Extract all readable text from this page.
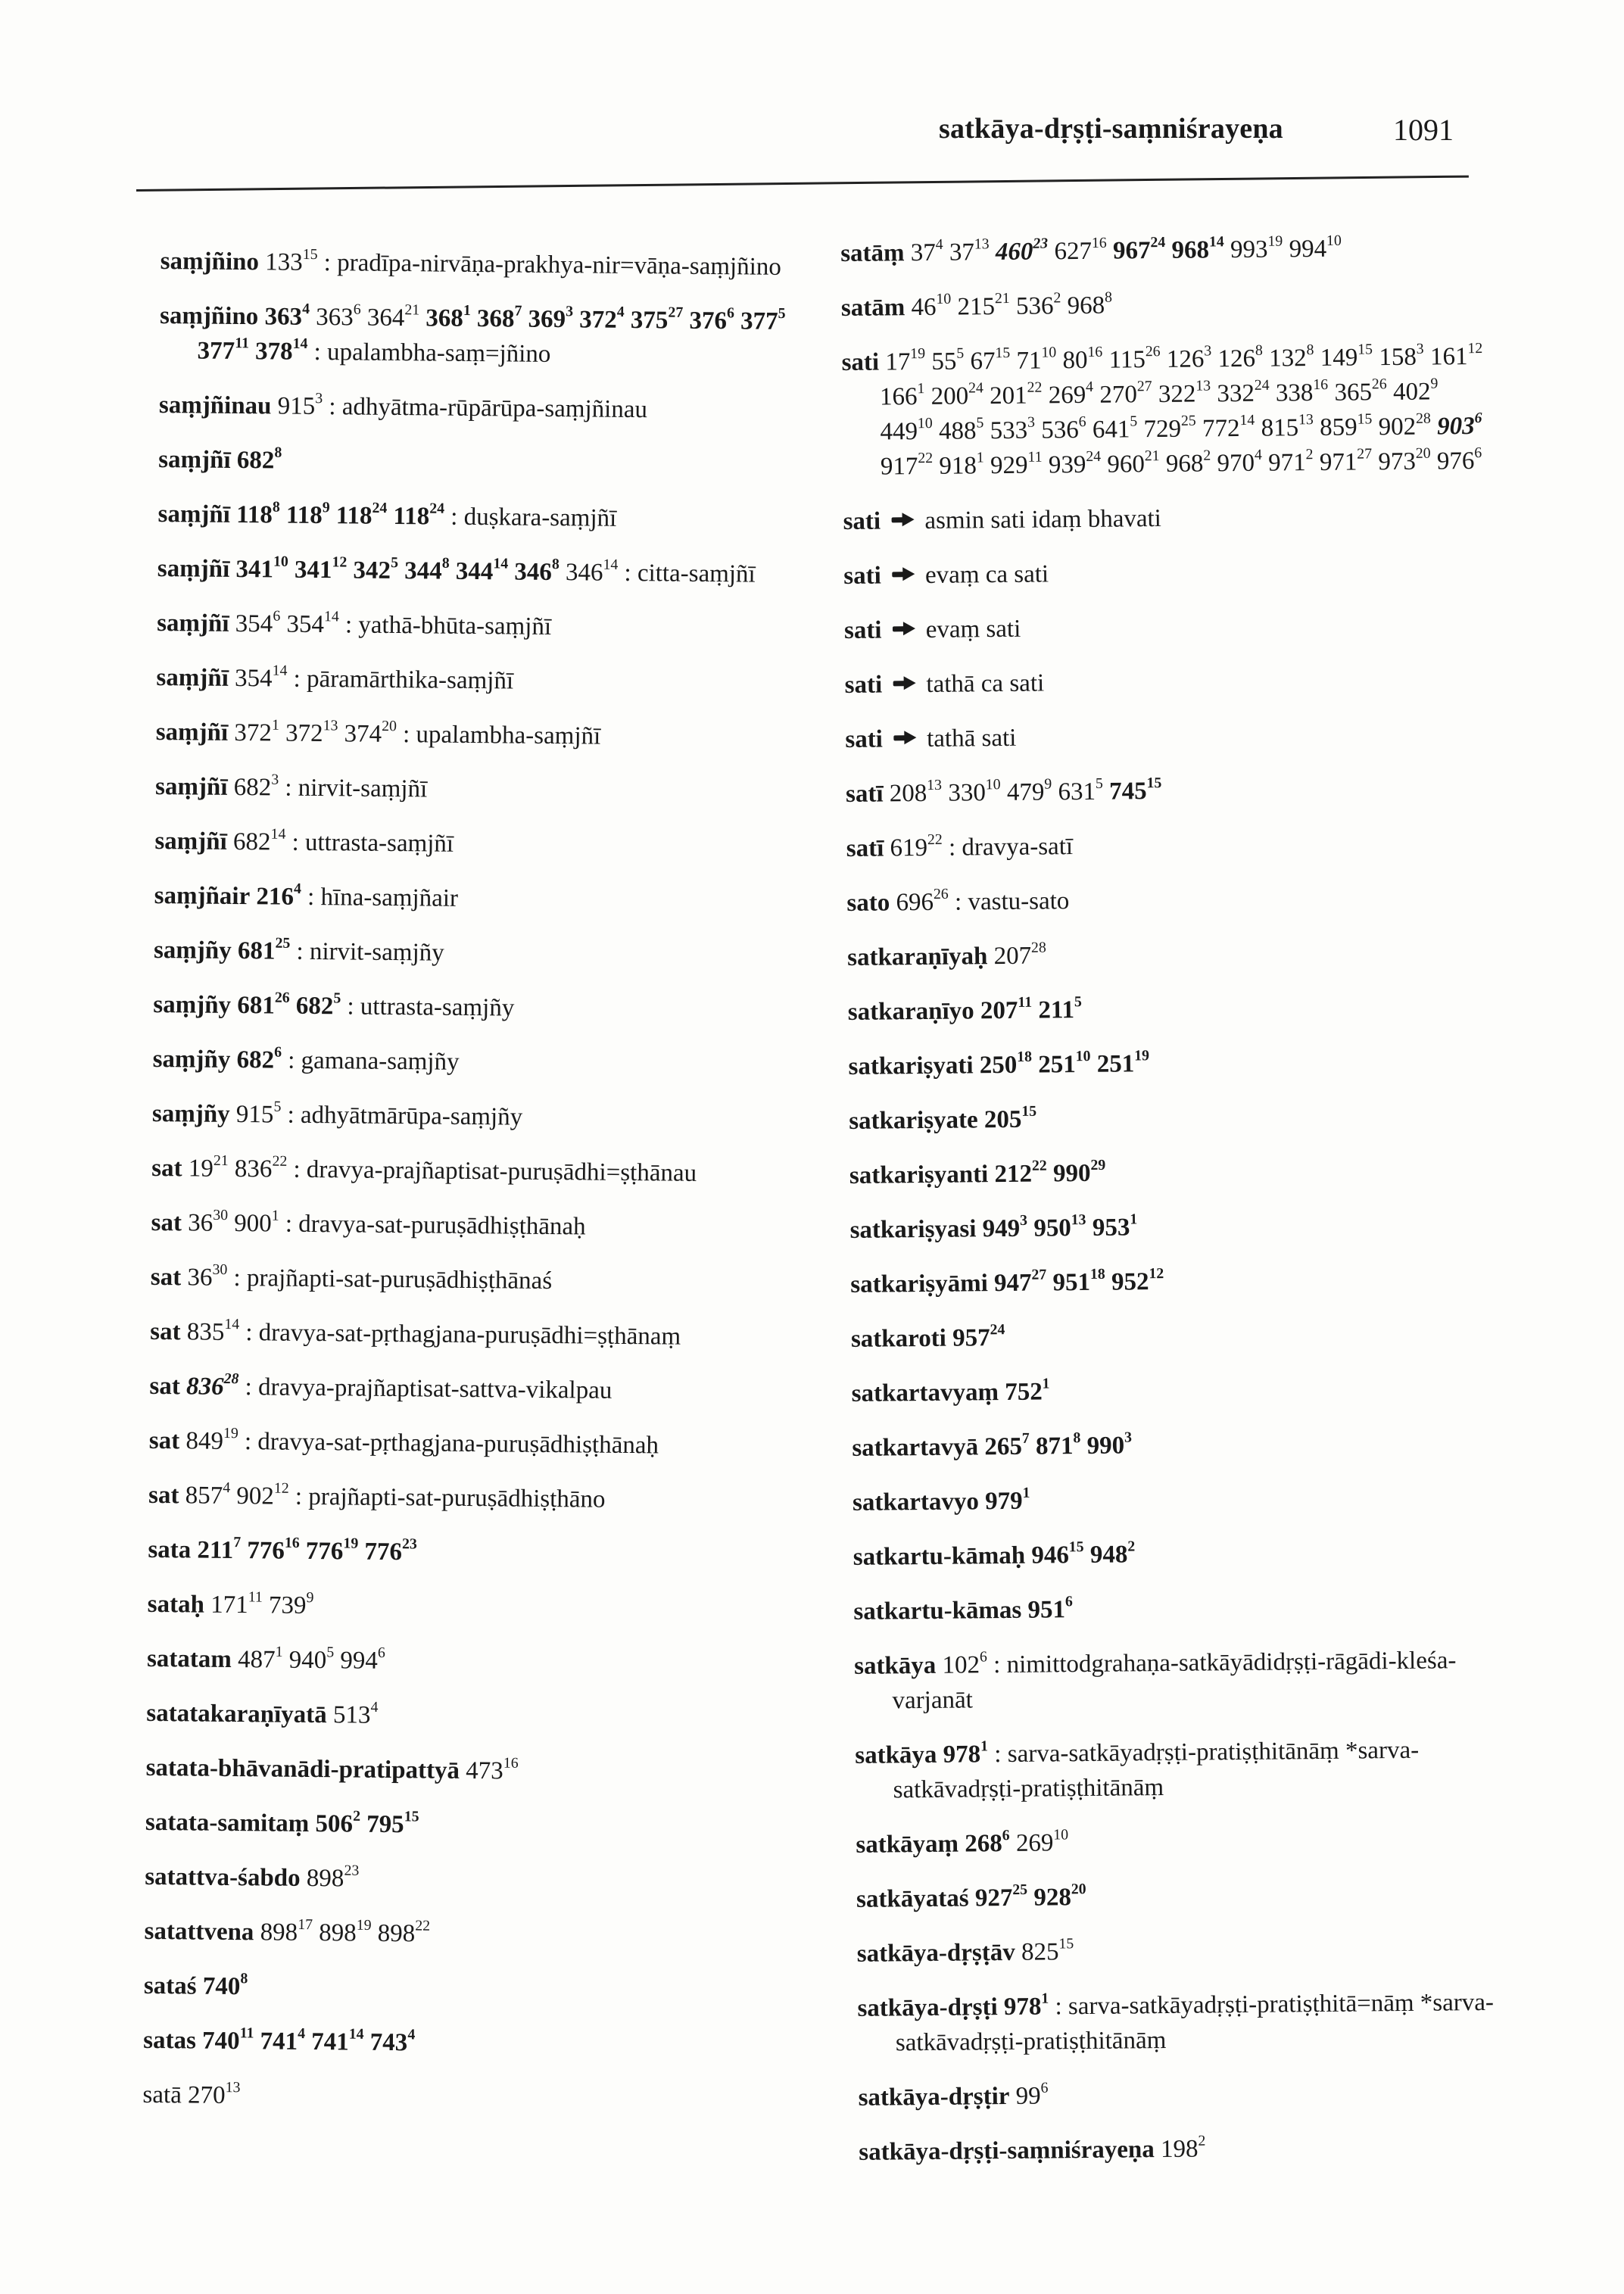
satkāya-dṛṣṭi-saṃniśrayeṇa	1091
saṃjñino $133^{15}$ : pradīpa-nirvāṇa-prakhya-nir=vāṇa-saṃjñino
saṃjñino $363^4$ $363^6$ $364^{21}$ $368^1$ $368^7$ $369^3$ $372^4$ $375^{27}$ $376^6$ $377^5$ $377^{11}$ $378^{14}$ : upalambha-saṃ=jñino
saṃjñinau $915^3$ : adhyātma-rūpārūpa-saṃjñinau
saṃjñī $682^8$
saṃjñī $118^8$ $118^9$ $118^{24}$ $118^{24}$ : duṣkara-saṃjñī
saṃjñī $341^{10}$ $341^{12}$ $342^5$ $344^8$ $344^{14}$ $346^8$ $346^{14}$ : citta-saṃjñī
saṃjñī $354^6$ $354^{14}$ : yathā-bhūta-saṃjñī
saṃjñī $354^{14}$ : pāramārthika-saṃjñī
saṃjñī $372^1$ $372^{13}$ $374^{20}$ : upalambha-saṃjñī
saṃjñī $682^3$ : nirvit-saṃjñī
saṃjñī $682^{14}$ : uttrasta-saṃjñī
saṃjñair $216^4$ : hīna-saṃjñair
saṃjñy $681^{25}$ : nirvit-saṃjñy
saṃjñy $681^{26}$ $682^5$ : uttrasta-saṃjñy
saṃjñy $682^6$ : gamana-saṃjñy
saṃjñy $915^5$ : adhyātmārūpa-saṃjñy
sat $19^{21}$ $836^{22}$ : dravya-prajñaptisat-puruṣādhi=ṣṭhānau
sat $36^{30}$ $900^1$ : dravya-sat-puruṣādhiṣṭhānaḥ
sat $36^{30}$ : prajñapti-sat-puruṣādhiṣṭhānaś
sat $835^{14}$ : dravya-sat-pṛthagjana-puruṣādhi=ṣṭhānaṃ
sat $836^{28}$ : dravya-prajñaptisat-sattva-vikalpau
sat $849^{19}$ : dravya-sat-pṛthagjana-puruṣādhiṣṭhānaḥ
sat $857^4$ $902^{12}$ : prajñapti-sat-puruṣādhiṣṭhāno
sata $211^7$ $776^{16}$ $776^{19}$ $776^{23}$
sataḥ $171^{11}$ $739^9$
satatam $487^1$ $940^5$ $994^6$
satatakaraṇīyatā $513^4$
satata-bhāvanādi-pratipattyā $473^{16}$
satata-samitaṃ $506^2$ $795^{15}$
satattva-śabdo $898^{23}$
satattvena $898^{17}$ $898^{19}$ $898^{22}$
sataś $740^8$
satas $740^{11}$ $741^4$ $741^{14}$ $743^4$
satā $270^{13}$
satāṃ $37^4$ $37^{13}$ $460^{23}$ $627^{16}$ $967^{24}$ $968^{14}$ $993^{19}$ $994^{10}$
satām $46^{10}$ $215^{21}$ $536^2$ $968^8$
sati $17^{19}$ $55^5$ $67^{15}$ $71^{10}$ $80^{16}$ $115^{26}$ $126^3$ $126^8$ $132^8$ $149^{15}$ $158^3$ $161^{12}$ $166^1$ $200^{24}$ $201^{22}$ $269^4$ $270^{27}$ $322^{13}$ $332^{24}$ $338^{16}$ $365^{26}$ $402^9$ $449^{10}$ $488^5$ $533^3$ $536^6$ $641^5$ $729^{25}$ $772^{14}$ $815^{13}$ $859^{15}$ $902^{28}$ $903^6$ $917^{22}$ $918^1$ $929^{11}$ $939^{24}$ $960^{21}$ $968^2$ $970^4$ $971^2$ $971^{27}$ $973^{20}$ $976^6$
sati asmin sati idaṃ bhavati
sati evaṃ ca sati
sati evaṃ sati
sati tathā ca sati
sati tathā sati
satī $208^{13}$ $330^{10}$ $479^9$ $631^5$ $745^{15}$
satī $619^{22}$ : dravya-satī
sato $696^{26}$ : vastu-sato
satkaraṇīyaḥ $207^{28}$
satkaraṇīyo $207^{11}$ $211^5$
satkariṣyati $250^{18}$ $251^{10}$ $251^{19}$
satkariṣyate $205^{15}$
satkariṣyanti $212^{22}$ $990^{29}$
satkariṣyasi $949^3$ $950^{13}$ $953^1$
satkariṣyāmi $947^{27}$ $951^{18}$ $952^{12}$
satkaroti $957^{24}$
satkartavyaṃ $752^1$
satkartavyā $265^7$ $871^8$ $990^3$
satkartavyo $979^1$
satkartu-kāmaḥ $946^{15}$ $948^2$
satkartu-kāmas $951^6$
satkāya $102^6$ : nimittodgrahaṇa-satkāyādidṛṣṭi-rāgādi-kleśa-varjanāt
satkāya $978^1$ : sarva-satkāyadṛṣṭi-pratiṣṭhitānāṃ *sarva-satkāvadṛṣṭi-pratiṣṭhitānāṃ
satkāyaṃ $268^6$ $269^{10}$
satkāyataś $927^{25}$ $928^{20}$
satkāya-dṛṣṭāv $825^{15}$
satkāya-dṛṣṭi $978^1$ : sarva-satkāyadṛṣṭi-pratiṣṭhitā=nāṃ *sarva-satkāvadṛṣṭi-pratiṣṭhitānāṃ
satkāya-dṛṣṭir $99^6$
satkāya-dṛṣṭi-saṃniśrayeṇa $198^2$
